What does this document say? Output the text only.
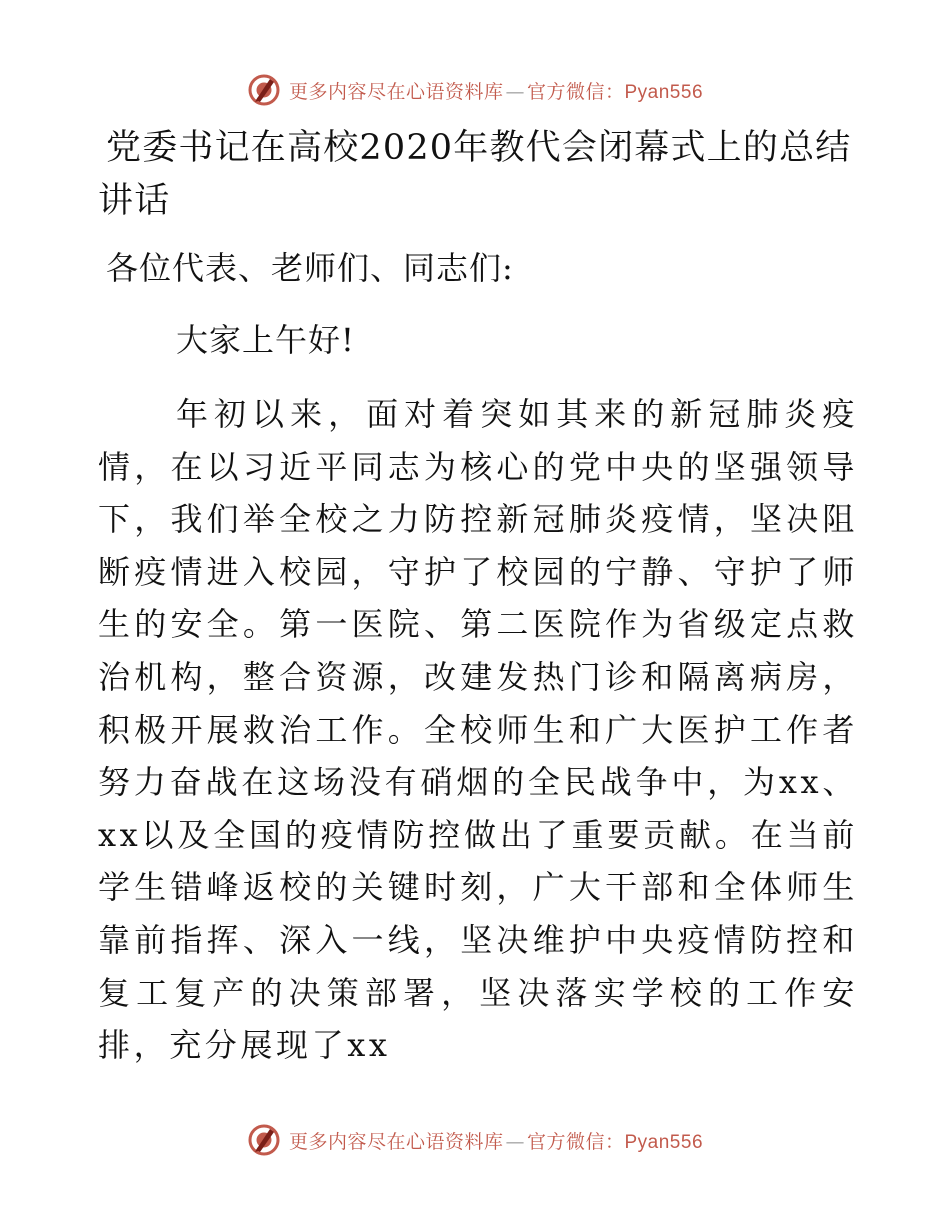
更多内容尽在心语资料库 — 官方微信： Pyan556
党委书记在高校2020年教代会闭幕式上的总结讲话

各位代表、老师们、同志们:

大家上午好!

年初以来，面对着突如其来的新冠肺炎疫情，在以习近平同志为核心的党中央的坚强领导下，我们举全校之力防控新冠肺炎疫情，坚决阻断疫情进入校园，守护了校园的宁静、守护了师生的安全。第一医院、第二医院作为省级定点救治机构，整合资源，改建发热门诊和隔离病房，积极开展救治工作。全校师生和广大医护工作者努力奋战在这场没有硝烟的全民战争中，为xx、xx以及全国的疫情防控做出了重要贡献。在当前学生错峰返校的关键时刻，广大干部和全体师生靠前指挥、深入一线，坚决维护中央疫情防控和复工复产的决策部署，坚决落实学校的工作安排，充分展现了xx

更多内容尽在心语资料库 — 官方微信： Pyan556
